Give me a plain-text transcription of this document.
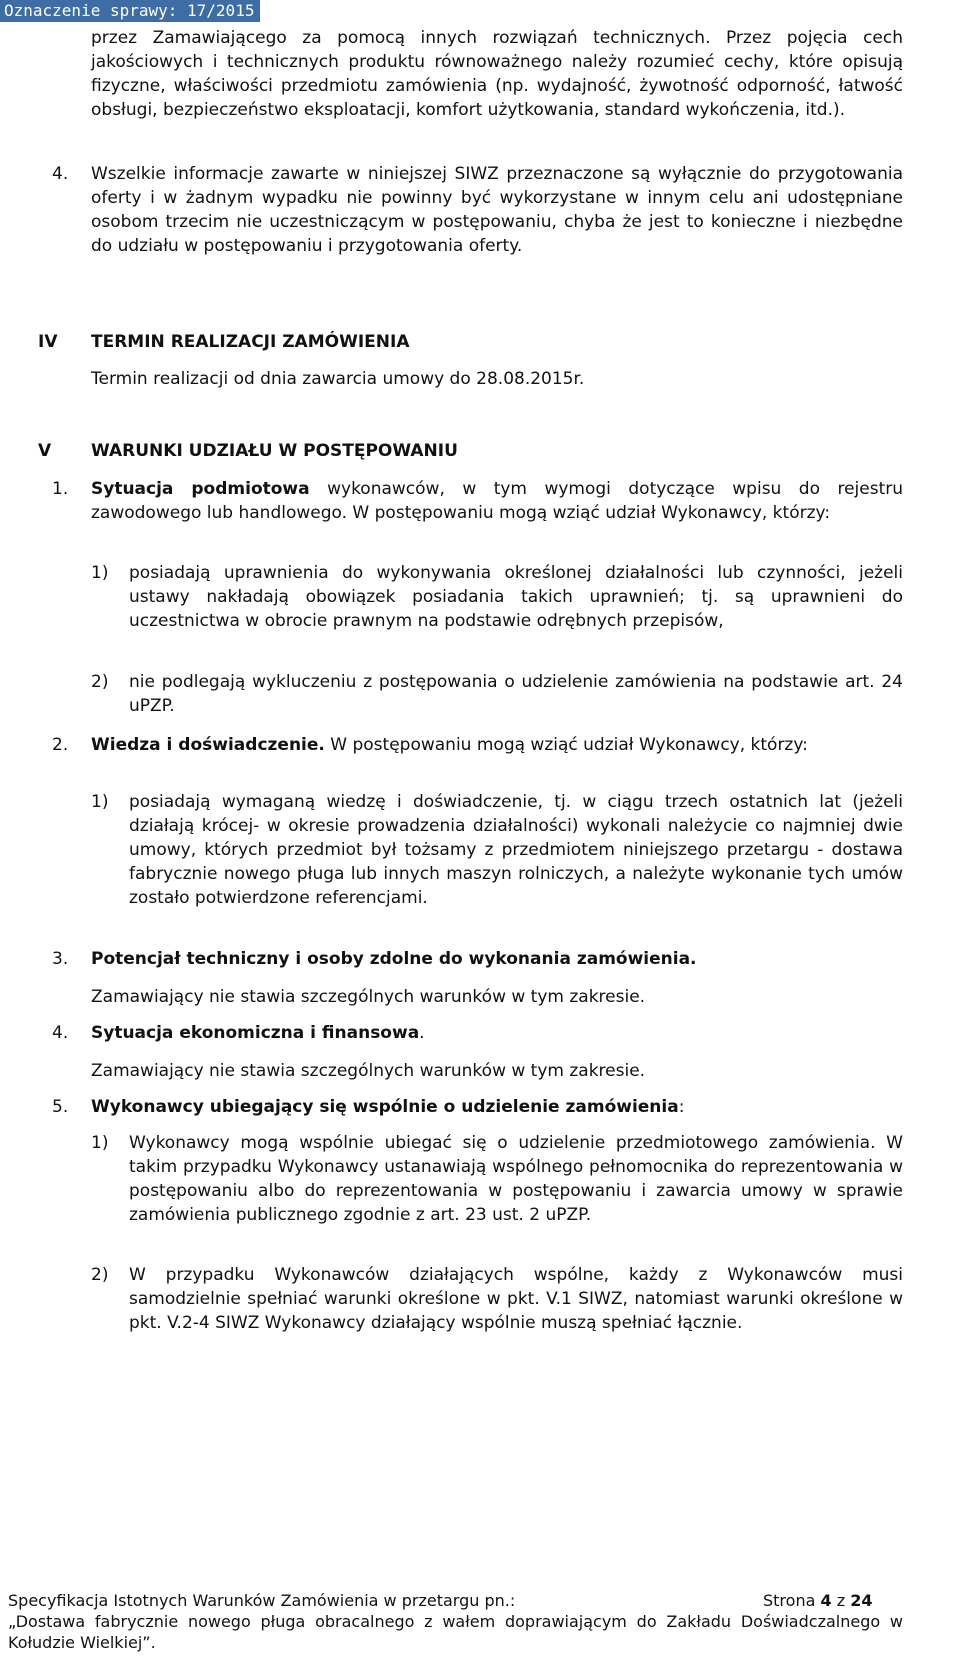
Oznaczenie sprawy: 17/2015
przez Zamawiającego za pomocą innych rozwiązań technicznych. Przez pojęcia cech jakościowych i technicznych produktu równoważnego należy rozumieć cechy, które opisują fizyczne, właściwości przedmiotu zamówienia (np. wydajność, żywotność odporność, łatwość obsługi, bezpieczeństwo eksploatacji, komfort użytkowania, standard wykończenia, itd.).
4. Wszelkie informacje zawarte w niniejszej SIWZ przeznaczone są wyłącznie do przygotowania oferty i w żadnym wypadku nie powinny być wykorzystane w innym celu ani udostępniane osobom trzecim nie uczestniczącym w postępowaniu, chyba że jest to konieczne i niezbędne do udziału w postępowaniu i przygotowania oferty.
IV TERMIN REALIZACJI ZAMÓWIENIA
Termin realizacji od dnia zawarcia umowy do 28.08.2015r.
V WARUNKI UDZIAŁU W POSTĘPOWANIU
1. Sytuacja podmiotowa wykonawców, w tym wymogi dotyczące wpisu do rejestru zawodowego lub handlowego. W postępowaniu mogą wziąć udział Wykonawcy, którzy:
1) posiadają uprawnienia do wykonywania określonej działalności lub czynności, jeżeli ustawy nakładają obowiązek posiadania takich uprawnień; tj. są uprawnieni do uczestnictwa w obrocie prawnym na podstawie odrębnych przepisów,
2) nie podlegają wykluczeniu z postępowania o udzielenie zamówienia na podstawie art. 24 uPZP.
2. Wiedza i doświadczenie. W postępowaniu mogą wziąć udział Wykonawcy, którzy:
1) posiadają wymaganą wiedzę i doświadczenie, tj. w ciągu trzech ostatnich lat (jeżeli działają krócej- w okresie prowadzenia działalności) wykonali należycie co najmniej dwie umowy, których przedmiot był tożsamy z przedmiotem niniejszego przetargu - dostawa fabrycznie nowego pługa lub innych maszyn rolniczych, a należyte wykonanie tych umów zostało potwierdzone referencjami.
3. Potencjał techniczny i osoby zdolne do wykonania zamówienia.
Zamawiający nie stawia szczególnych warunków w tym zakresie.
4. Sytuacja ekonomiczna i finansowa.
Zamawiający nie stawia szczególnych warunków w tym zakresie.
5. Wykonawcy ubiegający się wspólnie o udzielenie zamówienia:
1) Wykonawcy mogą wspólnie ubiegać się o udzielenie przedmiotowego zamówienia. W takim przypadku Wykonawcy ustanawiają wspólnego pełnomocnika do reprezentowania w postępowaniu albo do reprezentowania w postępowaniu i zawarcia umowy w sprawie zamówienia publicznego zgodnie z art. 23 ust. 2 uPZP.
2) W przypadku Wykonawców działających wspólne, każdy z Wykonawców musi samodzielnie spełniać warunki określone w pkt. V.1 SIWZ, natomiast warunki określone w pkt. V.2-4 SIWZ Wykonawcy działający wspólnie muszą spełniać łącznie.
Specyfikacja Istotnych Warunków Zamówienia w przetargu pn.:	Strona 4 z 24
„Dostawa fabrycznie nowego pługa obracalnego z wałem doprawiającym do Zakładu Doświadczalnego w Kołudzie Wielkiej”.
